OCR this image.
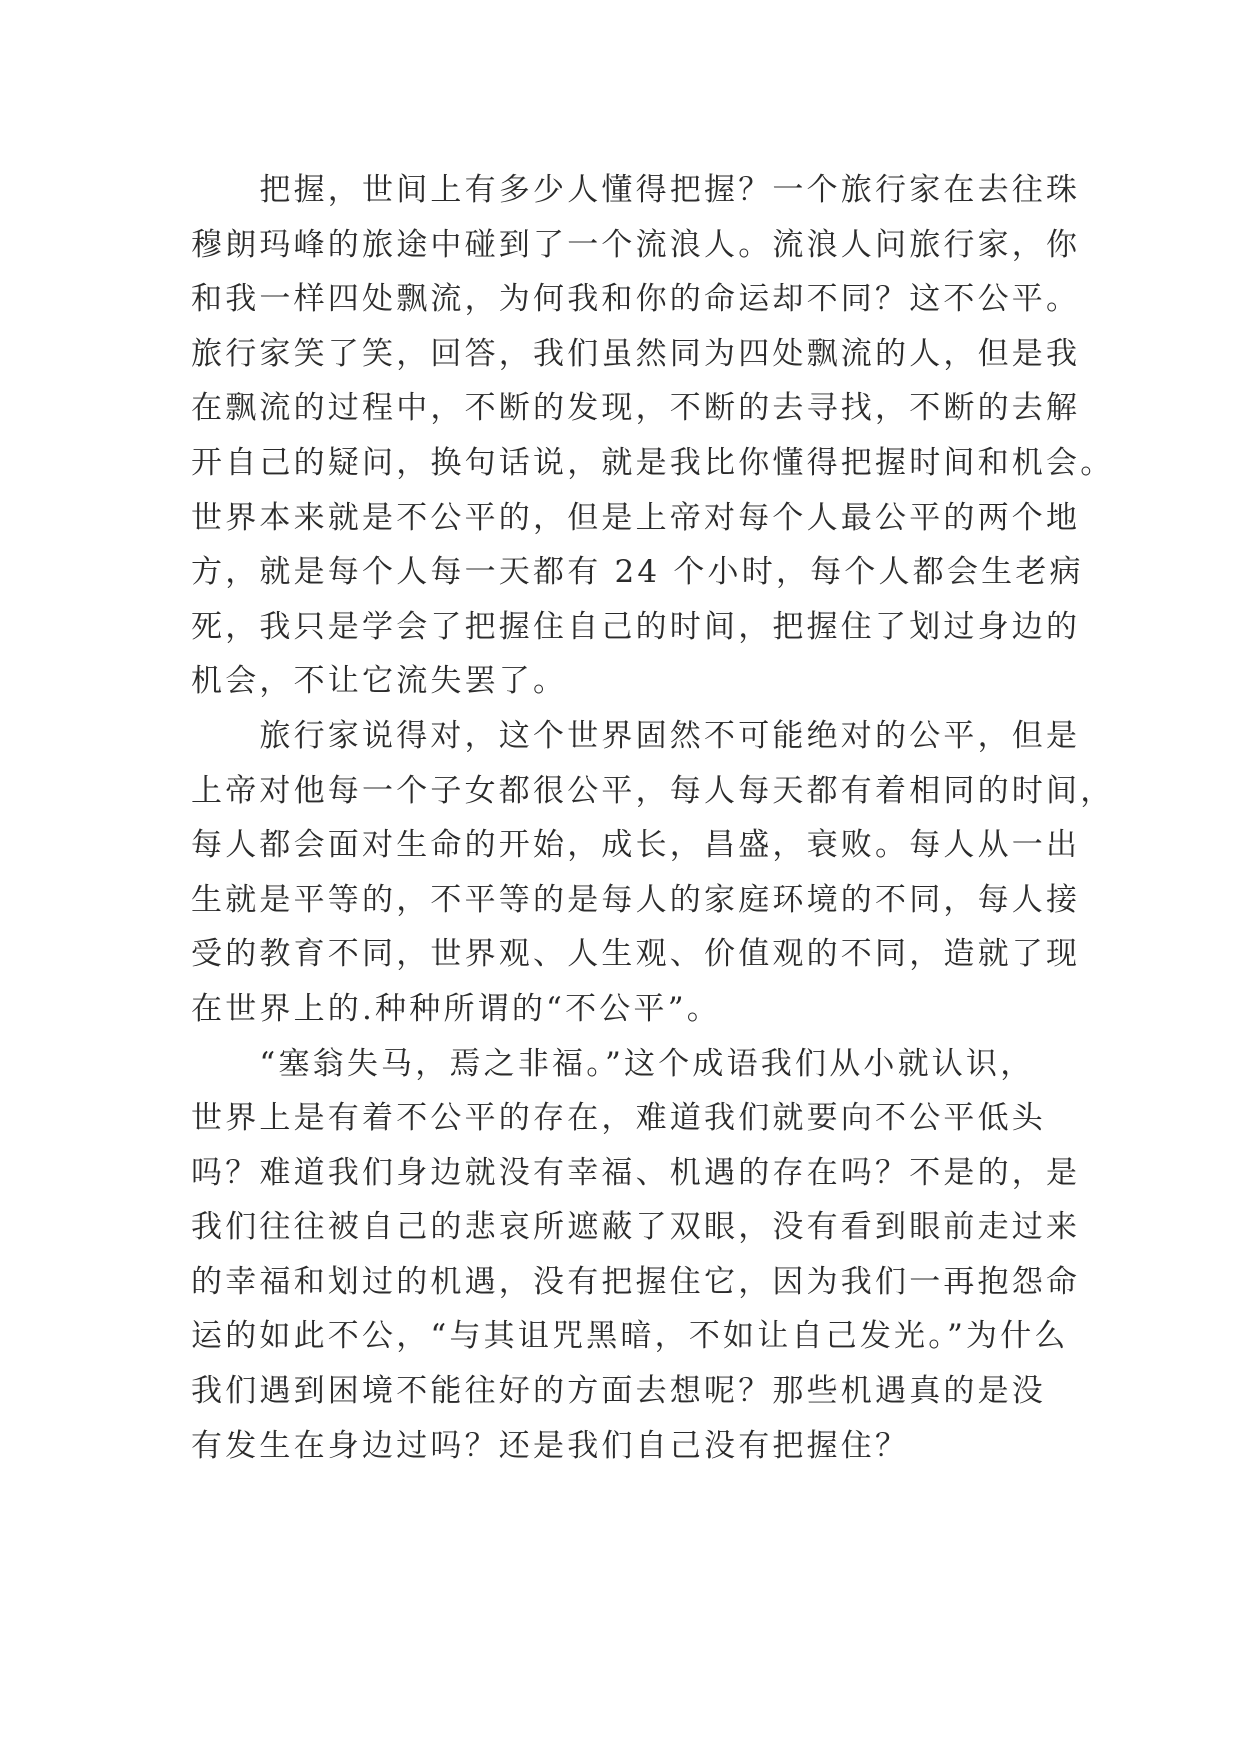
　　把握，世间上有多少人懂得把握？一个旅行家在去往珠
穆朗玛峰的旅途中碰到了一个流浪人。流浪人问旅行家，你
和我一样四处飘流，为何我和你的命运却不同？这不公平。
旅行家笑了笑，回答，我们虽然同为四处飘流的人，但是我
在飘流的过程中，不断的发现，不断的去寻找，不断的去解
开自己的疑问，换句话说，就是我比你懂得把握时间和机会。
世界本来就是不公平的，但是上帝对每个人最公平的两个地
方，就是每个人每一天都有 24 个小时，每个人都会生老病
死，我只是学会了把握住自己的时间，把握住了划过身边的
机会，不让它流失罢了。
　　旅行家说得对，这个世界固然不可能绝对的公平，但是
上帝对他每一个子女都很公平，每人每天都有着相同的时间，
每人都会面对生命的开始，成长，昌盛，衰败。每人从一出
生就是平等的，不平等的是每人的家庭环境的不同，每人接
受的教育不同，世界观、人生观、价值观的不同，造就了现
在世界上的.种种所谓的“不公平”。
　　“塞翁失马，焉之非福。”这个成语我们从小就认识，
世界上是有着不公平的存在，难道我们就要向不公平低头
吗？难道我们身边就没有幸福、机遇的存在吗？不是的，是
我们往往被自己的悲哀所遮蔽了双眼，没有看到眼前走过来
的幸福和划过的机遇，没有把握住它，因为我们一再抱怨命
运的如此不公，“与其诅咒黑暗，不如让自己发光。”为什么
我们遇到困境不能往好的方面去想呢？那些机遇真的是没
有发生在身边过吗？还是我们自己没有把握住？
